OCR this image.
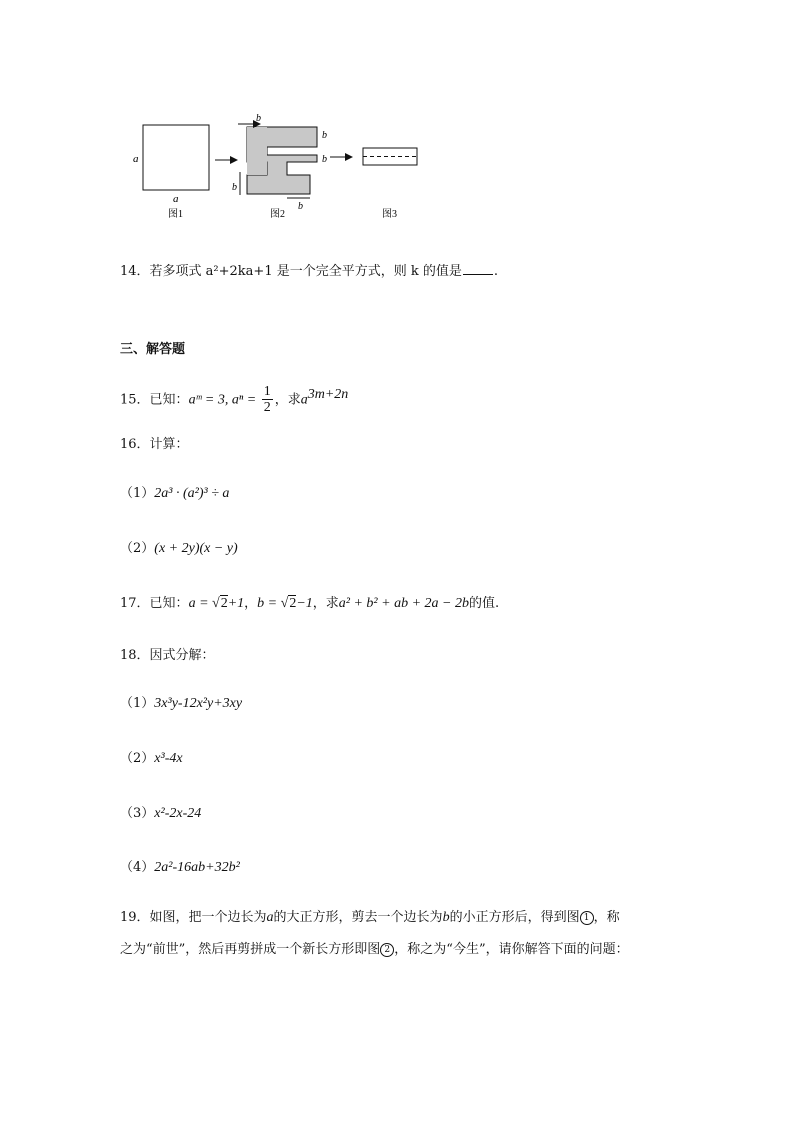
a
a
图1
b
b
b
b
b
图2	图3
14．若多项式 a²+2ka+1 是一个完全平方式，则 k 的值是 .
三、解答题
15．已知：aᵐ = 3, $a^n = \frac{1}{2}$ ，求$a^{3m+2n}$
16．计算：
（1）2a³ · (a²)³ ÷ a
（2）(x + 2y)(x − y)
17．已知：a = √2+1，b = √2−1，求a² + b² + ab + 2a − 2b的值.
18．因式分解：
（1）3x³y-12x²y+3xy
（2）x³-4x
（3）x²-2x-24
（4）2a²-16ab+32b²
19．如图，把一个边长为a的大正方形，剪去一个边长为b的小正方形后，得到图 1 ，称
之为“前世”，然后再剪拼成一个新长方形即图 2 ，称之为“今生”，请你解答下面的问题：
